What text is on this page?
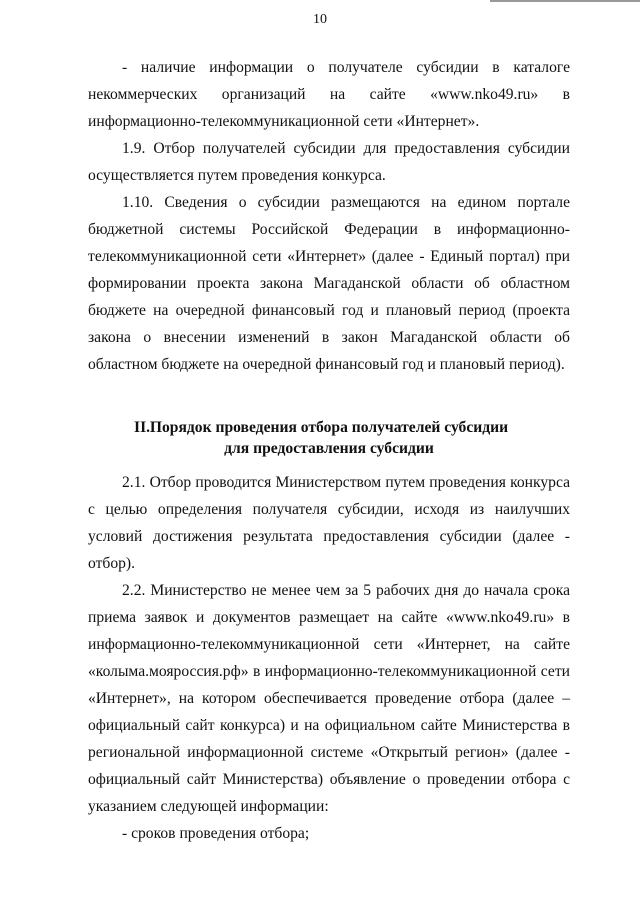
10

- наличие информации о получателе субсидии в каталоге некоммерческих организаций на сайте «www.nko49.ru» в информационно-телекоммуникационной сети «Интернет».

1.9. Отбор получателей субсидии для предоставления субсидии осуществляется путем проведения конкурса.

1.10. Сведения о субсидии размещаются на едином портале бюджетной системы Российской Федерации в информационно-телекоммуникационной сети «Интернет» (далее - Единый портал) при формировании проекта закона Магаданской области об областном бюджете на очередной финансовый год и плановый период (проекта закона о внесении изменений в закон Магаданской области об областном бюджете на очередной финансовый год и плановый период).

II. Порядок проведения отбора получателей субсидии
для предоставления субсидии

2.1. Отбор проводится Министерством путем проведения конкурса с целью определения получателя субсидии, исходя из наилучших условий достижения результата предоставления субсидии (далее - отбор).

2.2. Министерство не менее чем за 5 рабочих дня до начала срока приема заявок и документов размещает на сайте «www.nko49.ru» в информационно-телекоммуникационной сети «Интернет, на сайте «колыма.мояроссия.рф» в информационно-телекоммуникационной сети «Интернет», на котором обеспечивается проведение отбора (далее – официальный сайт конкурса) и на официальном сайте Министерства в региональной информационной системе «Открытый регион» (далее - официальный сайт Министерства) объявление о проведении отбора с указанием следующей информации:

- сроков проведения отбора;
